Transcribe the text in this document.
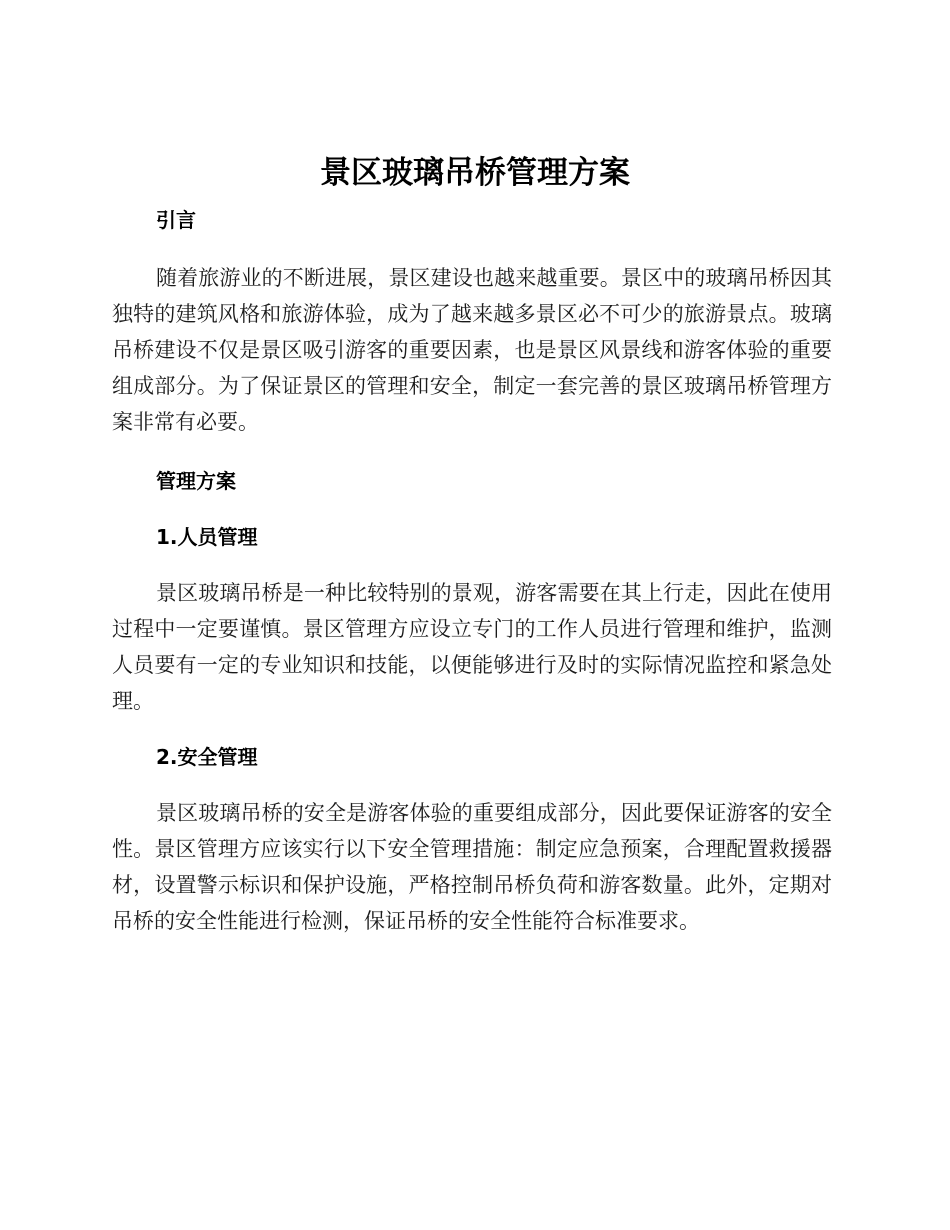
景区玻璃吊桥管理方案
引言

随着旅游业的不断进展，景区建设也越来越重要。景区中的玻璃吊桥因其独特的建筑风格和旅游体验，成为了越来越多景区必不可少的旅游景点。玻璃吊桥建设不仅是景区吸引游客的重要因素，也是景区风景线和游客体验的重要组成部分。为了保证景区的管理和安全，制定一套完善的景区玻璃吊桥管理方案非常有必要。

管理方案
1.人员管理

景区玻璃吊桥是一种比较特别的景观，游客需要在其上行走，因此在使用过程中一定要谨慎。景区管理方应设立专门的工作人员进行管理和维护，监测人员要有一定的专业知识和技能，以便能够进行及时的实际情况监控和紧急处理。

2.安全管理

景区玻璃吊桥的安全是游客体验的重要组成部分，因此要保证游客的安全性。景区管理方应该实行以下安全管理措施：制定应急预案，合理配置救援器材，设置警示标识和保护设施，严格控制吊桥负荷和游客数量。此外，定期对吊桥的安全性能进行检测，保证吊桥的安全性能符合标准要求。
